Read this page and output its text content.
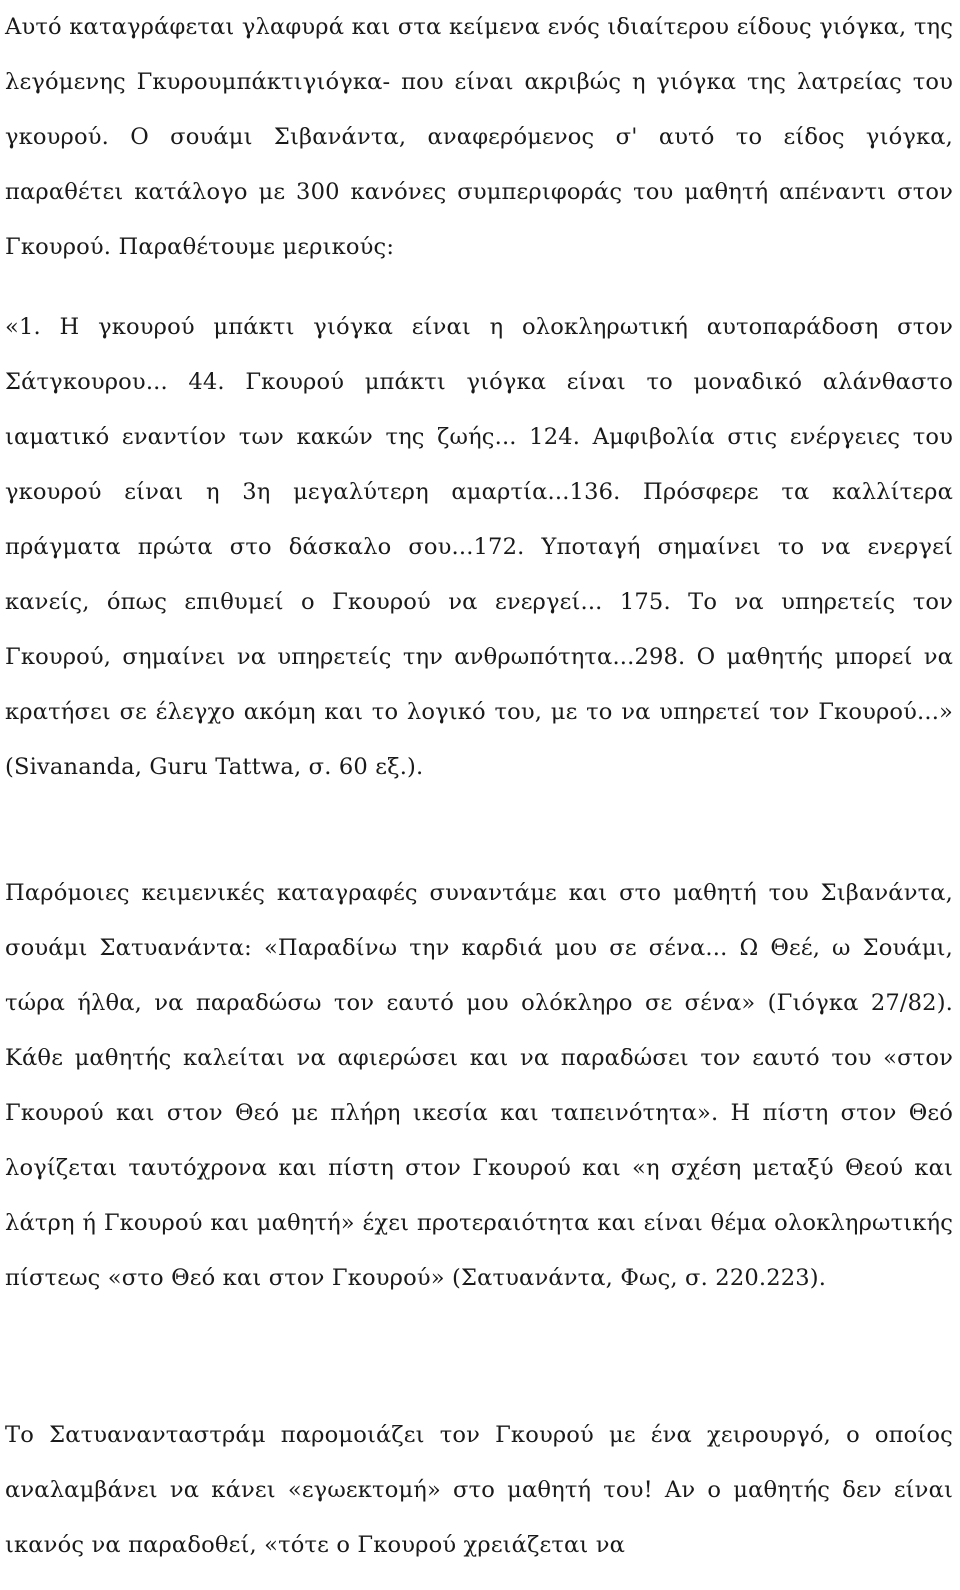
Αυτό καταγράφεται γλαφυρά και στα κείμενα ενός ιδιαίτερου είδους γιόγκα, της λεγόμενης Γκυρουμπάκτιγιόγκα- που είναι ακριβώς η γιόγκα της λατρείας του γκουρού. Ο σουάμι Σιβανάντα, αναφερόμενος σ' αυτό το είδος γιόγκα, παραθέτει κατάλογο με 300 κανόνες συμπεριφοράς του μαθητή απέναντι στον Γκουρού. Παραθέτουμε μερικούς:

«1. Η γκουρού μπάκτι γιόγκα είναι η ολοκληρωτική αυτοπαράδοση στον Σάτγκουρου... 44. Γκουρού μπάκτι γιόγκα είναι το μοναδικό αλάνθαστο ιαματικό εναντίον των κακών της ζωής... 124. Αμφιβολία στις ενέργειες του γκουρού είναι η 3η μεγαλύτερη αμαρτία...136. Πρόσφερε τα καλλίτερα πράγματα πρώτα στο δάσκαλο σου...172. Υποταγή σημαίνει το να ενεργεί κανείς, όπως επιθυμεί ο Γκουρού να ενεργεί... 175. Το να υπηρετείς τον Γκουρού, σημαίνει να υπηρετείς την ανθρωπότητα...298. Ο μαθητής μπορεί να κρατήσει σε έλεγχο ακόμη και το λογικό του, με το να υπηρετεί τον Γκουρού...» (Sivananda, Guru Tattwa, σ. 60 εξ.).

Παρόμοιες κειμενικές καταγραφές συναντάμε και στο μαθητή του Σιβανάντα, σουάμι Σατυανάντα: «Παραδίνω την καρδιά μου σε σένα... Ω Θεέ, ω Σουάμι, τώρα ήλθα, να παραδώσω τον εαυτό μου ολόκληρο σε σένα» (Γιόγκα 27/82). Κάθε μαθητής καλείται να αφιερώσει και να παραδώσει τον εαυτό του «στον Γκουρού και στον Θεό με πλήρη ικεσία και ταπεινότητα». Η πίστη στον Θεό λογίζεται ταυτόχρονα και πίστη στον Γκουρού και «η σχέση μεταξύ Θεού και λάτρη ή Γκουρού και μαθητή» έχει προτεραιότητα και είναι θέμα ολοκληρωτικής πίστεως «στο Θεό και στον Γκουρού» (Σατυανάντα, Φως, σ. 220.223).

Το Σατυανανταστράμ παρομοιάζει τον Γκουρού με ένα χειρουργό, ο οποίος αναλαμβάνει να κάνει «εγωεκτομή» στο μαθητή του! Αν ο μαθητής δεν είναι ικανός να παραδοθεί, «τότε ο Γκουρού χρειάζεται να
